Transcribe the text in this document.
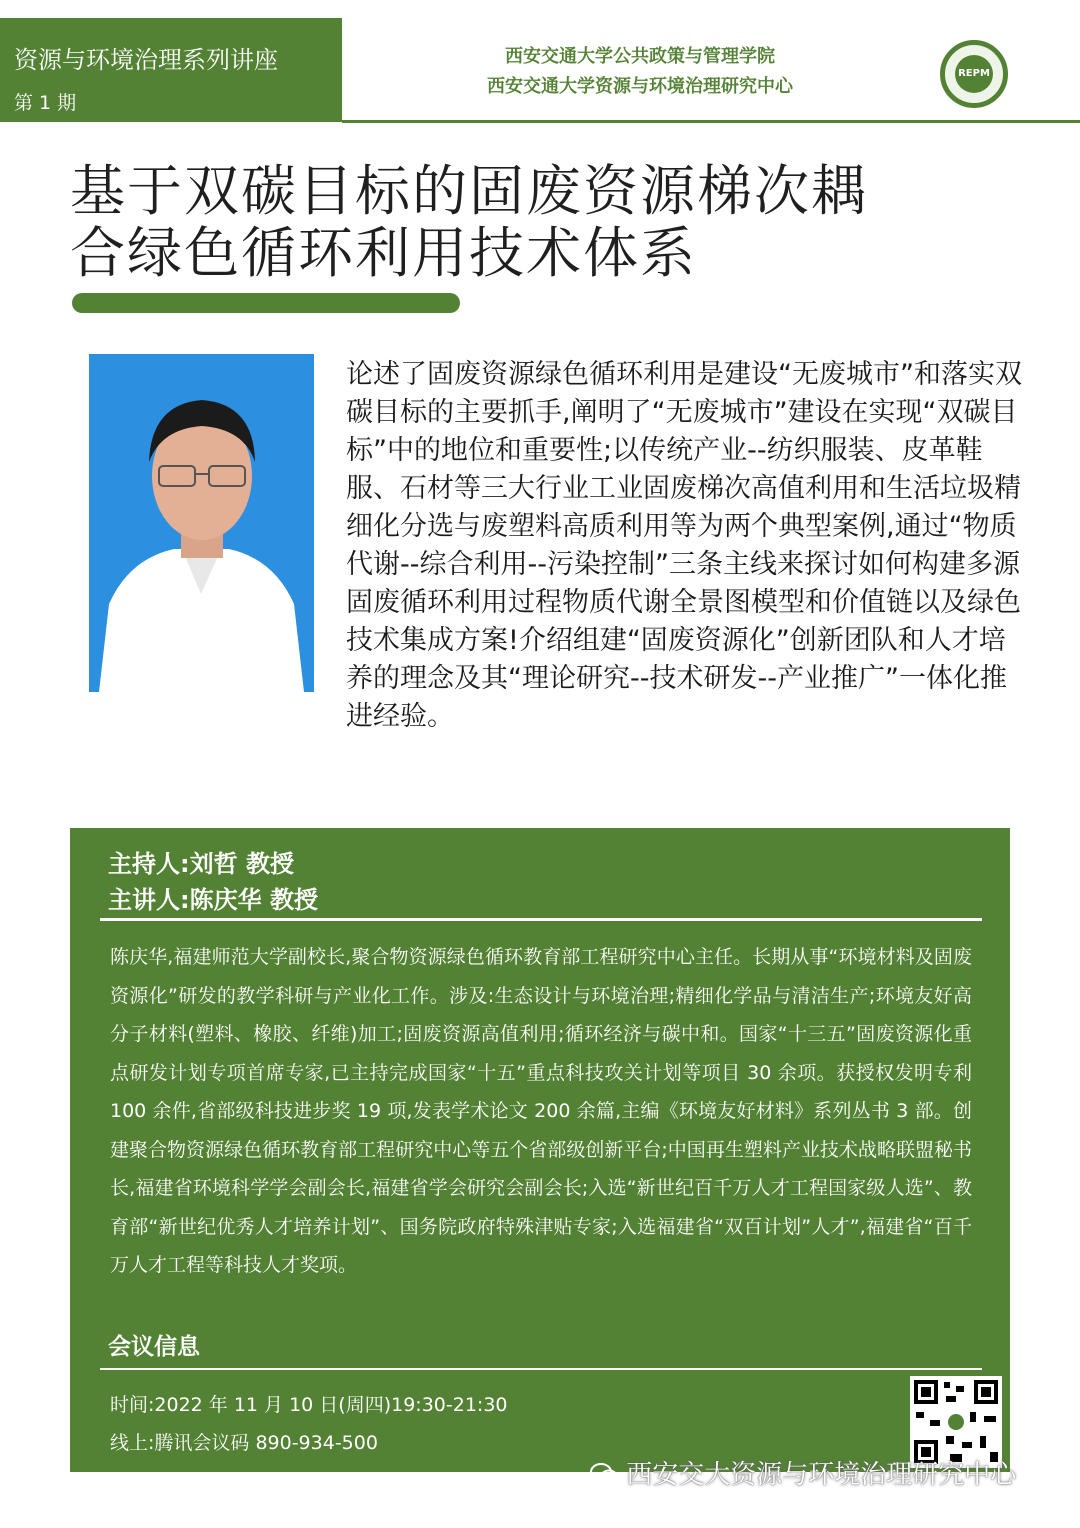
资源与环境治理系列讲座
第 1 期
西安交通大学公共政策与管理学院
西安交通大学资源与环境治理研究中心
REPM
基于双碳目标的固废资源梯次耦
合绿色循环利用技术体系
论述了固废资源绿色循环利用是建设“无废城市”和落实双碳目标的主要抓手,阐明了“无废城市”建设在实现“双碳目标”中的地位和重要性;以传统产业--纺织服装、皮革鞋服、石材等三大行业工业固废梯次高值利用和生活垃圾精细化分选与废塑料高质利用等为两个典型案例,通过“物质代谢--综合利用--污染控制”三条主线来探讨如何构建多源固废循环利用过程物质代谢全景图模型和价值链以及绿色技术集成方案!介绍组建“固废资源化”创新团队和人才培养的理念及其“理论研究--技术研发--产业推广”一体化推进经验。
主持人:刘哲 教授
主讲人:陈庆华 教授
陈庆华,福建师范大学副校长,聚合物资源绿色循环教育部工程研究中心主任。长期从事“环境材料及固废资源化”研发的教学科研与产业化工作。涉及:生态设计与环境治理;精细化学品与清洁生产;环境友好高分子材料(塑料、橡胶、纤维)加工;固废资源高值利用;循环经济与碳中和。国家“十三五”固废资源化重点研发计划专项首席专家,已主持完成国家“十五”重点科技攻关计划等项目 30 余项。获授权发明专利 100 余件,省部级科技进步奖 19 项,发表学术论文 200 余篇,主编《环境友好材料》系列丛书 3 部。创建聚合物资源绿色循环教育部工程研究中心等五个省部级创新平台;中国再生塑料产业技术战略联盟秘书长,福建省环境科学学会副会长,福建省学会研究会副会长;入选“新世纪百千万人才工程国家级人选”、教育部“新世纪优秀人才培养计划”、国务院政府特殊津贴专家;入选福建省“双百计划”人才”,福建省“百千万人才工程等科技人才奖项。
会议信息
时间:2022 年 11 月 10 日(周四)19:30-21:30
线上:腾讯会议码 890-934-500
西安交大资源与环境治理研究中心
